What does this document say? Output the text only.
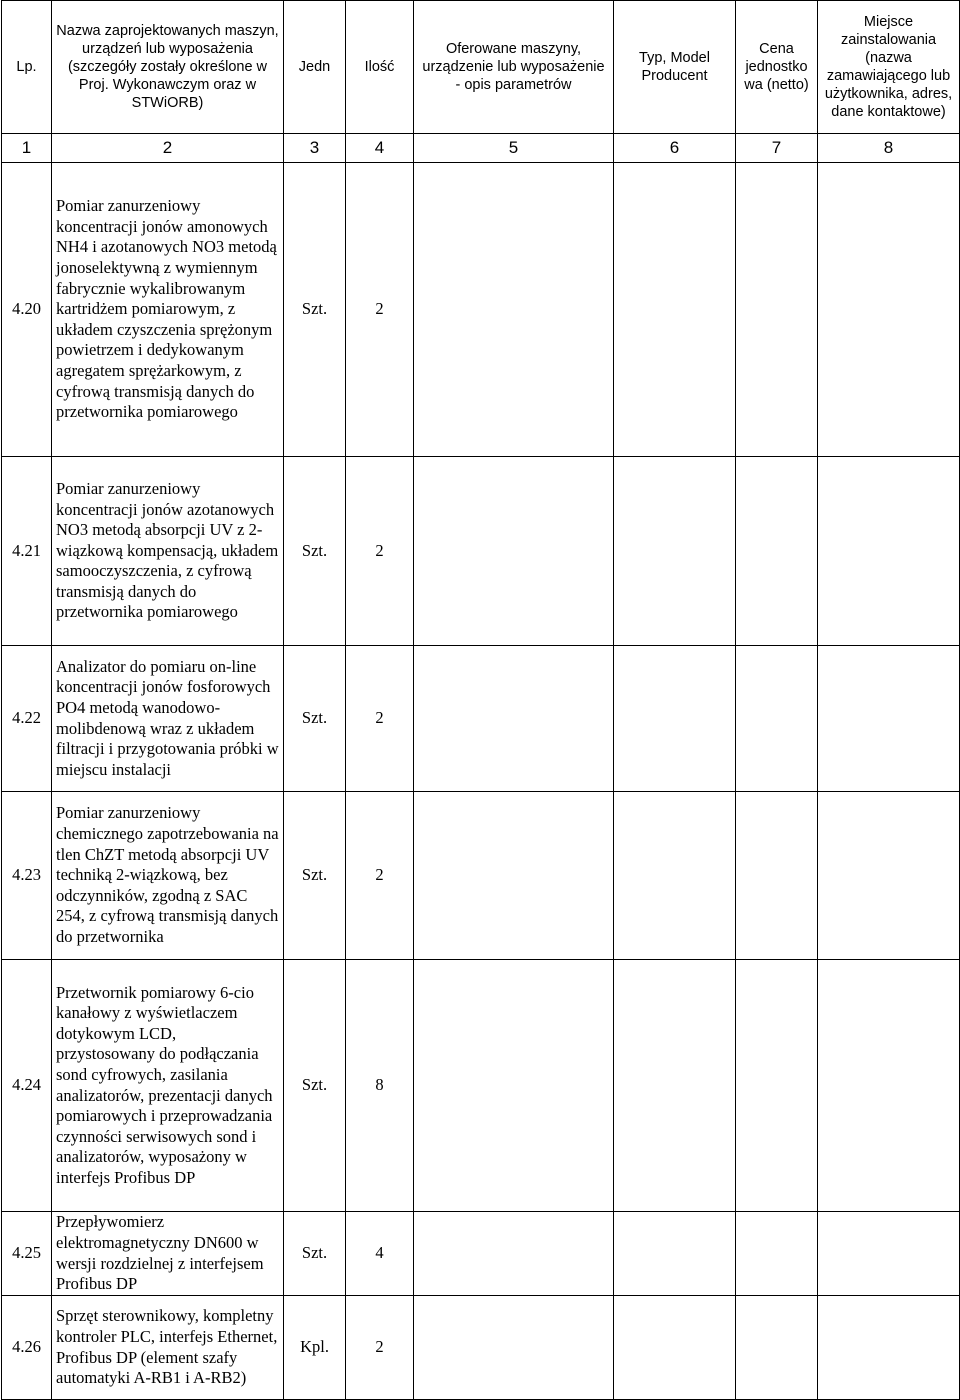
Lp.	Nazwa zaprojektowanych maszyn, urządzeń lub wyposażenia (szczegóły zostały określone w Proj. Wykonawczym oraz w STWiORB)	Jedn	Ilość	Oferowane maszyny, urządzenie lub wyposażenie - opis parametrów	Typ, Model Producent	Cena jednostko wa (netto)	Miejsce zainstalowania (nazwa zamawiającego lub użytkownika, adres, dane kontaktowe)
1	2	3	4	5	6	7	8
4.20	Pomiar zanurzeniowy koncentracji jonów amonowych NH4 i azotanowych NO3 metodą jonoselektywną z wymiennym fabrycznie wykalibrowanym kartridżem pomiarowym, z układem czyszczenia sprężonym powietrzem i dedykowanym agregatem sprężarkowym, z cyfrową transmisją danych do przetwornika pomiarowego	Szt.	2				
4.21	Pomiar zanurzeniowy koncentracji jonów azotanowych NO3 metodą absorpcji UV z 2-wiązkową kompensacją, układem samooczyszczenia, z cyfrową transmisją danych do przetwornika pomiarowego	Szt.	2				
4.22	Analizator do pomiaru on-line koncentracji jonów fosforowych PO4 metodą wanodowo-molibdenową wraz z układem filtracji i przygotowania próbki w miejscu instalacji	Szt.	2				
4.23	Pomiar zanurzeniowy chemicznego zapotrzebowania na tlen ChZT metodą absorpcji UV techniką 2-wiązkową, bez odczynników, zgodną z SAC 254, z cyfrową transmisją danych do przetwornika	Szt.	2				
4.24	Przetwornik pomiarowy 6-cio kanałowy z wyświetlaczem dotykowym LCD, przystosowany do podłączania sond cyfrowych, zasilania analizatorów, prezentacji danych pomiarowych i przeprowadzania czynności serwisowych sond i analizatorów, wyposażony w interfejs Profibus DP	Szt.	8				
4.25	Przepływomierz elektromagnetyczny DN600 w wersji rozdzielnej z interfejsem Profibus DP	Szt.	4				
4.26	Sprzęt sterownikowy, kompletny kontroler PLC, interfejs Ethernet, Profibus DP (element szafy automatyki A-RB1 i A-RB2)	Kpl.	2				
